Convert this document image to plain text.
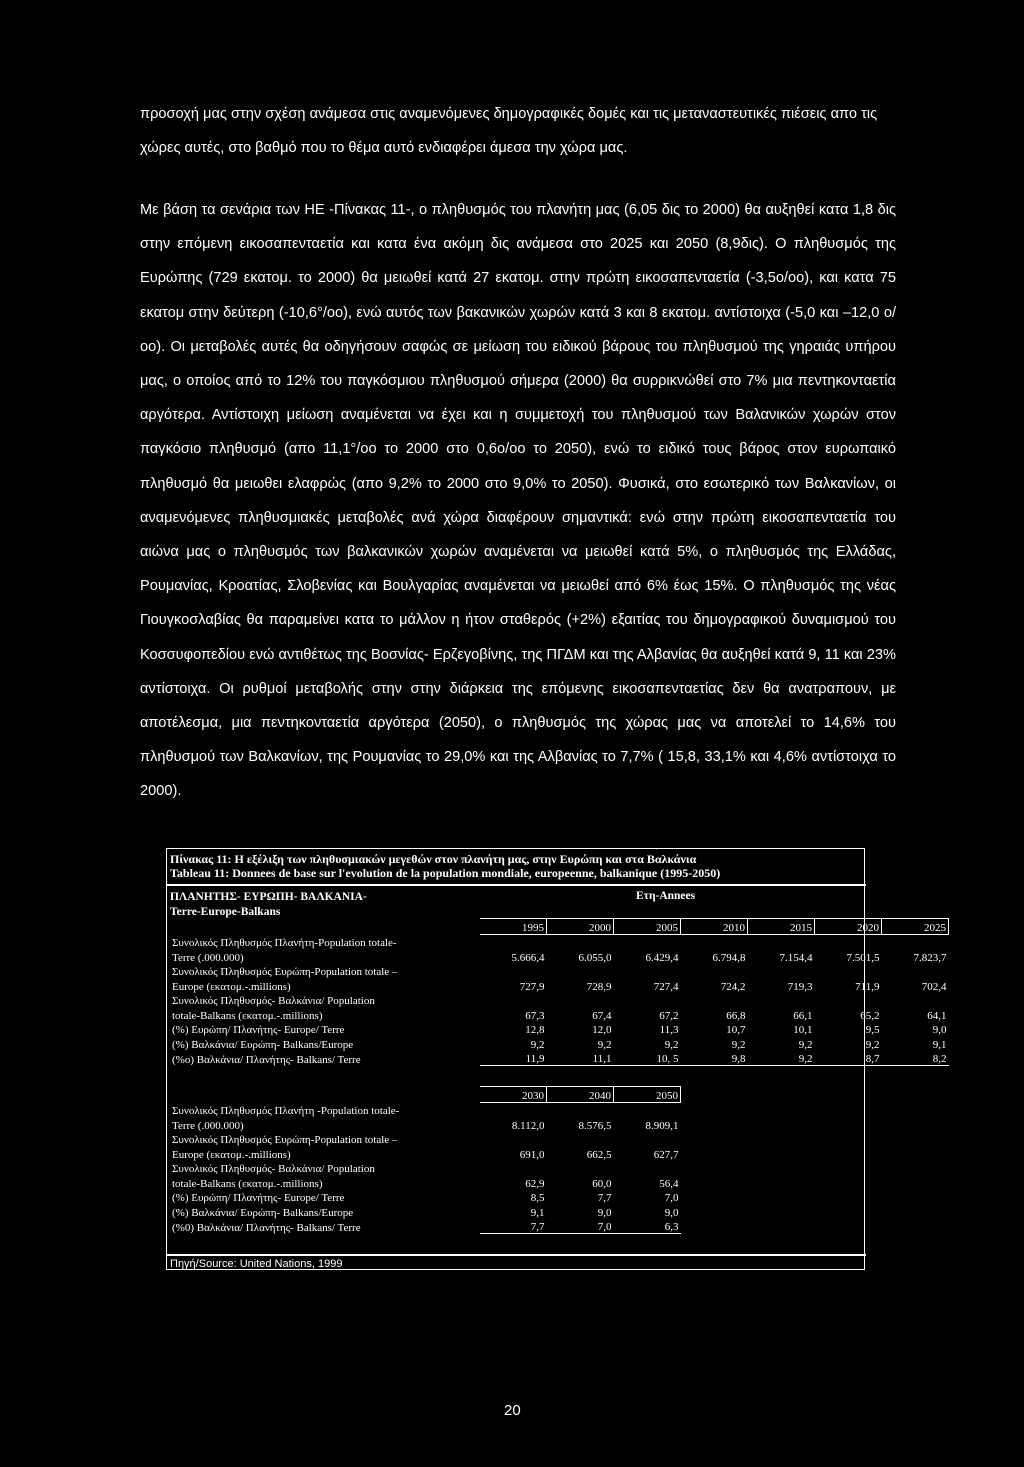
προσοχή μας στην σχέση ανάμεσα στις αναμενόμενες δημογραφικές δομές και τις μεταναστευτικές πιέσεις απο τις χώρες αυτές, στο βαθμό που το θέμα αυτό ενδιαφέρει άμεσα την χώρα μας.

Με βάση τα σενάρια των ΗΕ -Πίνακας 11-, ο πληθυσμός του πλανήτη μας (6,05 δις το 2000) θα αυξηθεί κατα 1,8 δις στην επόμενη εικοσαπενταετία και κατα ένα ακόμη δις ανάμεσα στο 2025 και 2050 (8,9δις). Ο πληθυσμός της Ευρώπης (729 εκατομ. το 2000) θα μειωθεί κατά 27 εκατομ. στην πρώτη εικοσαπενταετία (-3,5ο/οο), και κατα 75 εκατομ στην δεύτερη (-10,6°/οο), ενώ αυτός των βακανικών χωρών κατά 3 και 8 εκατομ. αντίστοιχα (-5,0 και –12,0 ο/οο). Οι μεταβολές αυτές θα οδηγήσουν σαφώς σε μείωση του ειδικού βάρους του πληθυσμού της γηραιάς υπήρου μας, ο οποίος από το 12% του παγκόσμιου πληθυσμού σήμερα (2000) θα συρρικνώθεί στο 7% μια πεντηκονταετία αργότερα. Αντίστοιχη μείωση αναμένεται να έχει και η συμμετοχή του πληθυσμού των Βαλανικών χωρών στον παγκόσιο πληθυσμό (απο 11,1°/οο το 2000 στο 0,6ο/οο το 2050), ενώ το ειδικό τους βάρος στον ευρωπαικό πληθυσμό θα μειωθει ελαφρώς (απο 9,2% το 2000 στο 9,0% το 2050). Φυσικά, στο εσωτερικό των Βαλκανίων, οι αναμενόμενες πληθυσμιακές μεταβολές ανά χώρα διαφέρουν σημαντικά: ενώ στην πρώτη εικοσαπενταετία του αιώνα μας ο πληθυσμός των βαλκανικών χωρών αναμένεται να μειωθεί κατά 5%, ο πληθυσμός της Ελλάδας, Ρουμανίας, Κροατίας, Σλοβενίας και Βουλγαρίας αναμένεται να μειωθεί από 6% έως 15%. Ο πληθυσμός της νέας Γιουγκοσλαβίας θα παραμείνει κατα το μάλλον η ήτον σταθερός (+2%) εξαιτίας του δημογραφικού δυναμισμού του Κοσσυφοπεδίου ενώ αντιθέτως της Βοσνίας- Ερζεγοβίνης, της ΠΓΔΜ και της Αλβανίας θα αυξηθεί κατά 9, 11 και 23% αντίστοιχα. Οι ρυθμοί μεταβολής στην στην διάρκεια της επόμενης εικοσαπενταετίας δεν θα ανατραπουν, με αποτέλεσμα, μια πεντηκονταετία αργότερα (2050), ο πληθυσμός της χώρας μας να αποτελεί το 14,6% του πληθυσμού των Βαλκανίων, της Ρουμανίας το 29,0% και της Αλβανίας το 7,7% ( 15,8, 33,1% και 4,6% αντίστοιχα το 2000).

Πίνακας 11: Η εξέλιξη των πληθυσμιακών μεγεθών στον πλανήτη μας, στην Ευρώπη και στα Βαλκάνια
Tableau 11: Donnees de base sur l'evolution de la population mondiale, europeenne, balkanique (1995-2050)
ΠΛΑΝΗΤΗΣ- ΕΥΡΩΠΗ- ΒΑΛΚΑΝΙΑ-
Terre-Europe-Balkans
Ετη-Annees
	1995	2000	2005	2010	2015	2020	2025
Συνολικός Πληθυσμός Πλανήτη-Population totale-							
Terre (.000.000)	5.666,4	6.055,0	6.429,4	6.794,8	7.154,4	7.501,5	7.823,7
Συνολικός Πληθυσμός Ευρώπη-Population totale –							
Europe (εκατομ.-.millions)	727,9	728,9	727,4	724,2	719,3	711,9	702,4
Συνολικός Πληθυσμός- Βαλκάνια/ Population							
totale-Balkans (εκατομ.-.millions)	67,3	67,4	67,2	66,8	66,1	65,2	64,1
(%) Ευρώπη/ Πλανήτης- Europe/ Terre	12,8	12,0	11,3	10,7	10,1	9,5	9,0
(%) Βαλκάνια/ Ευρώπη- Balkans/Europe	9,2	9,2	9,2	9,2	9,2	9,2	9,1
(%ο) Βαλκάνια/ Πλανήτης- Balkans/ Terre	11,9	11,1	10, 5	9,8	9,2	8,7	8,2
	2030	2040	2050
Συνολικός Πληθυσμός Πλανήτη -Population totale-			
Terre (.000.000)	8.112,0	8.576,5	8.909,1
Συνολικός Πληθυσμός Ευρώπη-Population totale –			
Europe (εκατομ.-.millions)	691,0	662,5	627,7
Συνολικός Πληθυσμός- Βαλκάνια/ Population			
totale-Balkans (εκατομ.-.millions)	62,9	60,0	56,4
(%) Ευρώπη/ Πλανήτης- Europe/ Terre	8,5	7,7	7,0
(%) Βαλκάνια/ Ευρώπη- Balkans/Europe	9,1	9,0	9,0
(%0) Βαλκάνια/ Πλανήτης- Balkans/ Terre	7,7	7,0	6,3
Πηγή/Source: United Nations, 1999
20
